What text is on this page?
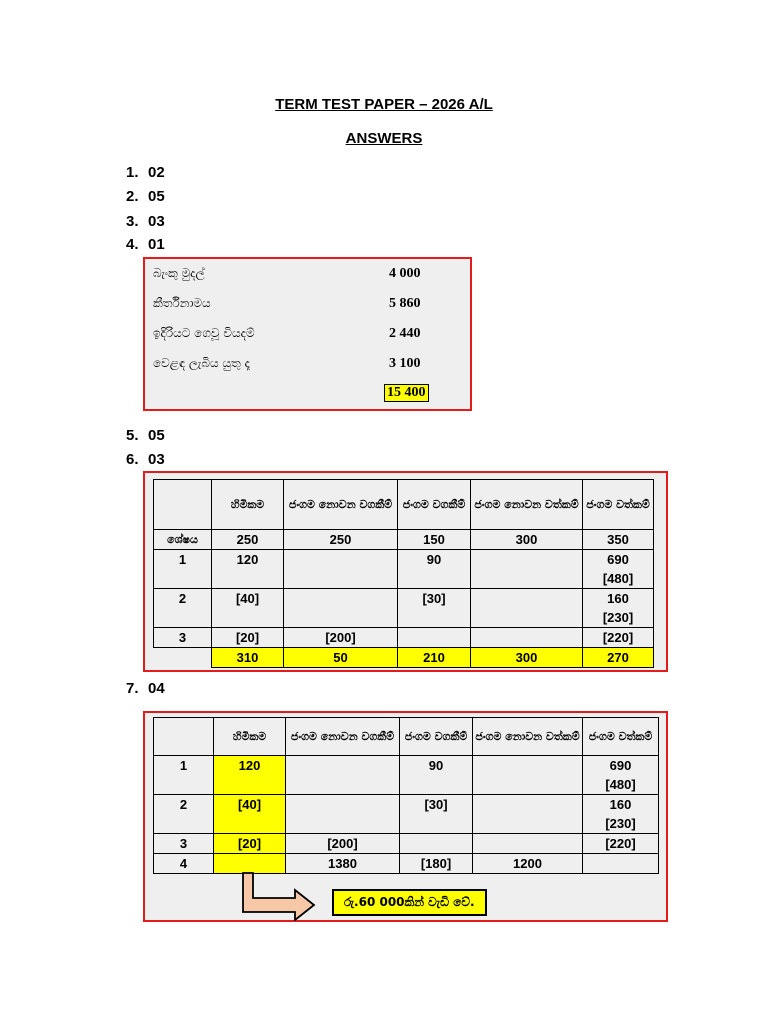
TERM TEST PAPER – 2026 A/L
ANSWERS
1. 02
2. 05
3. 03
4. 01
බැංකු මුදල්	4 000
කීර්තිනාමය	5 860
ඉදිරියට ගෙවූ වියදම්	2 440
වෙළඳ ලැබිය යුතු දෑ	3 100
15 400
5. 05
6. 03
	හිමිකම	ජංගම නොවන වගකීම්	ජංගම වගකීම්	ජංගම නොවන වත්කම්	ජංගම වත්කම්
ශේෂය	250	250	150	300	350
1	120		90		690
[480]
2	[40]		[30]		160
[230]
3	[20]	[200]			[220]
	310	50	210	300	270
7. 04
	හිමිකම	ජංගම නොවන වගකීම්	ජංගම වගකීම්	ජංගම නොවන වත්කම්	ජංගම වත්කම්
1	120		90		690
[480]
2	[40]		[30]		160
[230]
3	[20]	[200]			[220]
4		1380	[180]	1200	
රු.60 000කින් වැඩි වේ.
